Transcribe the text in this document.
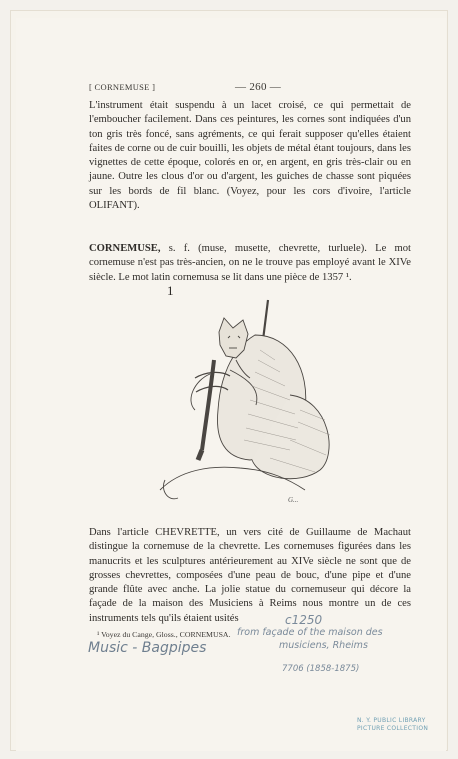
[ CORNEMUSE ]	— 260 —
L'instrument était suspendu à un lacet croisé, ce qui permettait de l'emboucher facilement. Dans ces peintures, les cornes sont indiquées d'un ton gris très foncé, sans agréments, ce qui ferait supposer qu'elles étaient faites de corne ou de cuir bouilli, les objets de métal étant toujours, dans les vignettes de cette époque, colorés en or, en argent, en gris très-clair ou en jaune. Outre les clous d'or ou d'argent, les guiches de chasse sont piquées sur les bords de fil blanc. (Voyez, pour les cors d'ivoire, l'article OLIFANT).
CORNEMUSE, s. f. (muse, musette, chevrette, turluele). Le mot cornemuse n'est pas très-ancien, on ne le trouve pas employé avant le XIVe siècle. Le mot latin cornemusa se lit dans une pièce de 1357 ¹.
1
G...
Dans l'article CHEVRETTE, un vers cité de Guillaume de Machaut distingue la cornemuse de la chevrette. Les cornemuses figurées dans les manucrits et les sculptures antérieurement au XIVe siècle ne sont que de grosses chevrettes, composées d'une peau de bouc, d'une pipe et d'une grande flûte avec anche. La jolie statue du cornemuseur qui décore la façade de la maison des Musiciens à Reims nous montre un de ces instruments tels qu'ils étaient usités
¹ Voyez du Cange, Gloss., CORNEMUSA.
c1250
from façade of the maison des
musiciens, Rheims
Music - Bagpipes
7706 (1858-1875)
N. Y. PUBLIC LIBRARY
PICTURE COLLECTION
